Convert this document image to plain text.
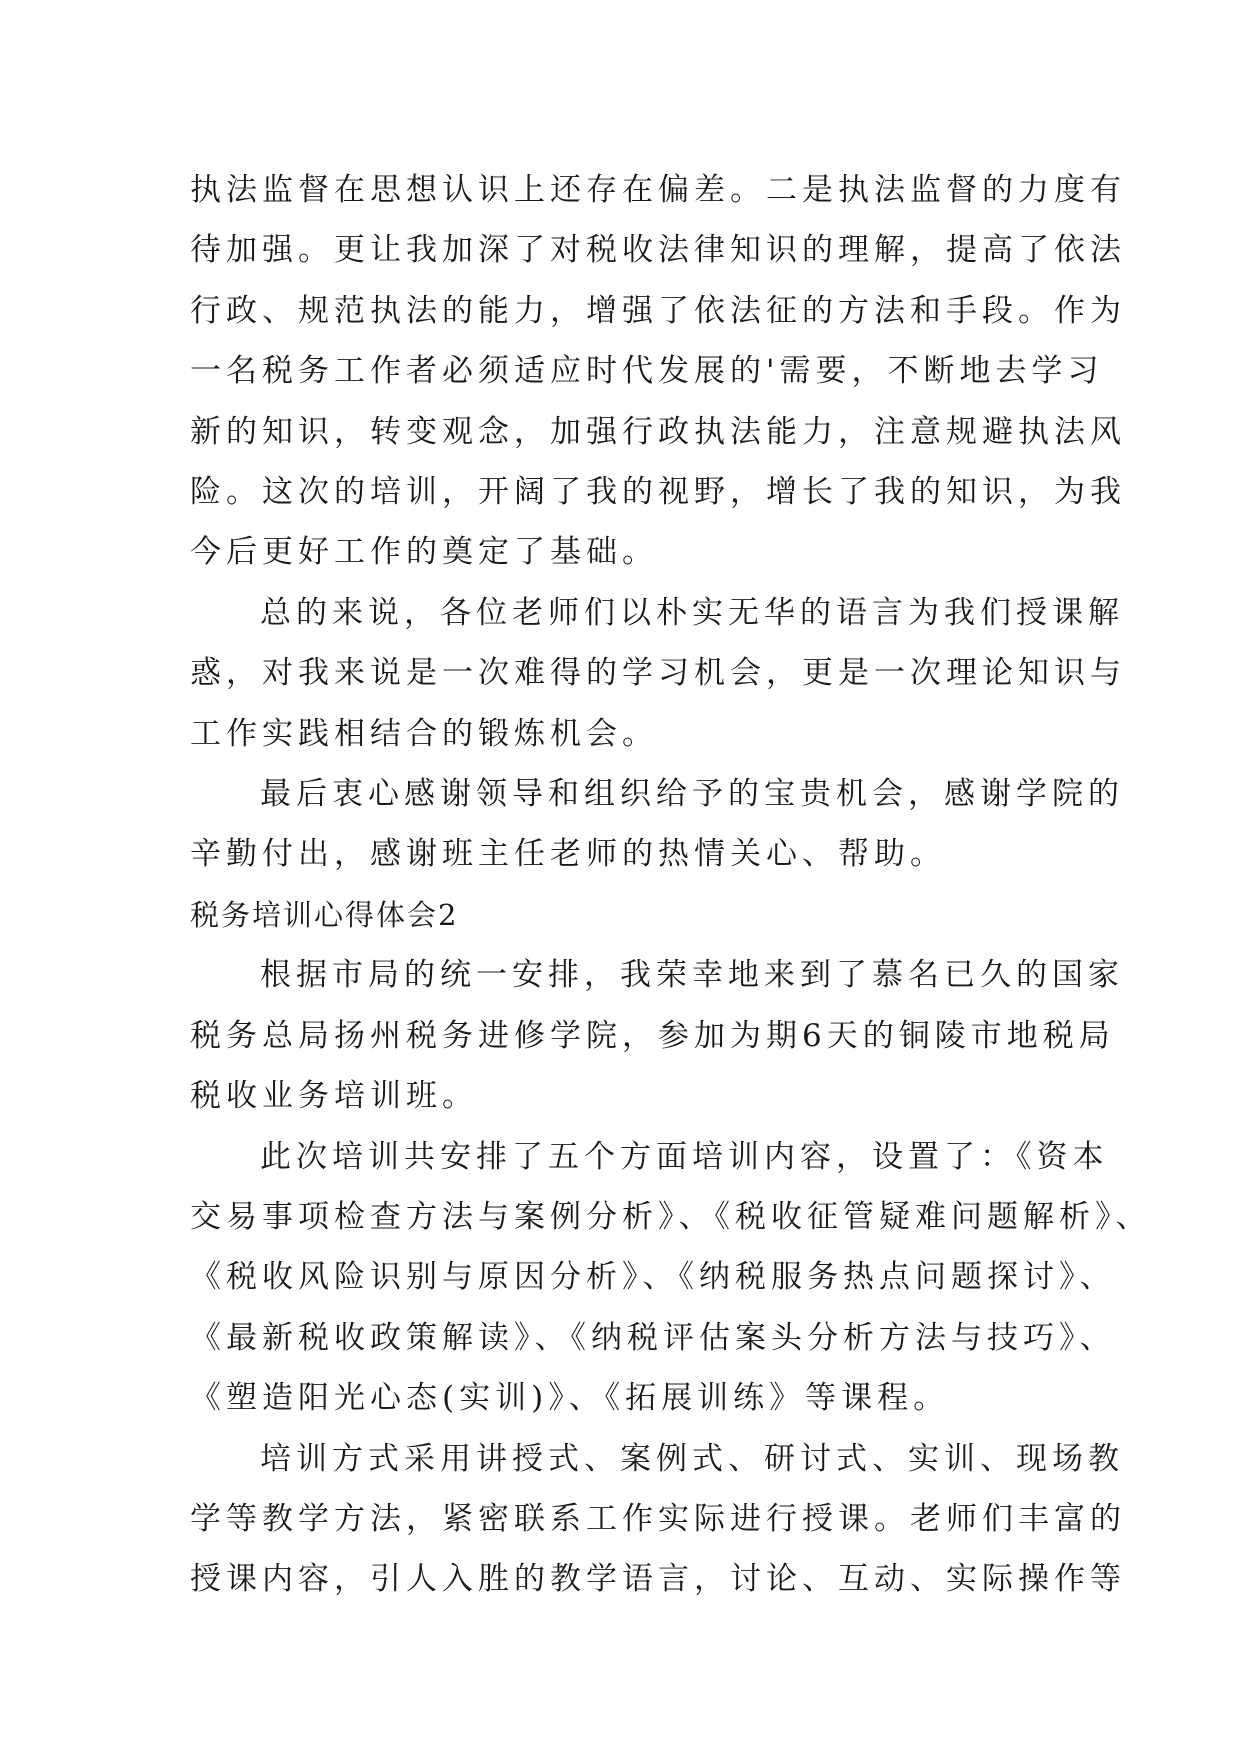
执法监督在思想认识上还存在偏差。二是执法监督的力度有
待加强。更让我加深了对税收法律知识的理解，提高了依法
行政、规范执法的能力，增强了依法征的方法和手段。作为
一名税务工作者必须适应时代发展的'需要，不断地去学习
新的知识，转变观念，加强行政执法能力，注意规避执法风
险。这次的培训，开阔了我的视野，增长了我的知识，为我
今后更好工作的奠定了基础。
总的来说，各位老师们以朴实无华的语言为我们授课解
惑，对我来说是一次难得的学习机会，更是一次理论知识与
工作实践相结合的锻炼机会。
最后衷心感谢领导和组织给予的宝贵机会，感谢学院的
辛勤付出，感谢班主任老师的热情关心、帮助。
税务培训心得体会2
根据市局的统一安排，我荣幸地来到了慕名已久的国家
税务总局扬州税务进修学院，参加为期6天的铜陵市地税局
税收业务培训班。
此次培训共安排了五个方面培训内容，设置了：《资本
交易事项检查方法与案例分析》、《税收征管疑难问题解析》、
《税收风险识别与原因分析》、《纳税服务热点问题探讨》、
《最新税收政策解读》、《纳税评估案头分析方法与技巧》、
《塑造阳光心态(实训)》、《拓展训练》等课程。
培训方式采用讲授式、案例式、研讨式、实训、现场教
学等教学方法，紧密联系工作实际进行授课。老师们丰富的
授课内容，引人入胜的教学语言，讨论、互动、实际操作等
